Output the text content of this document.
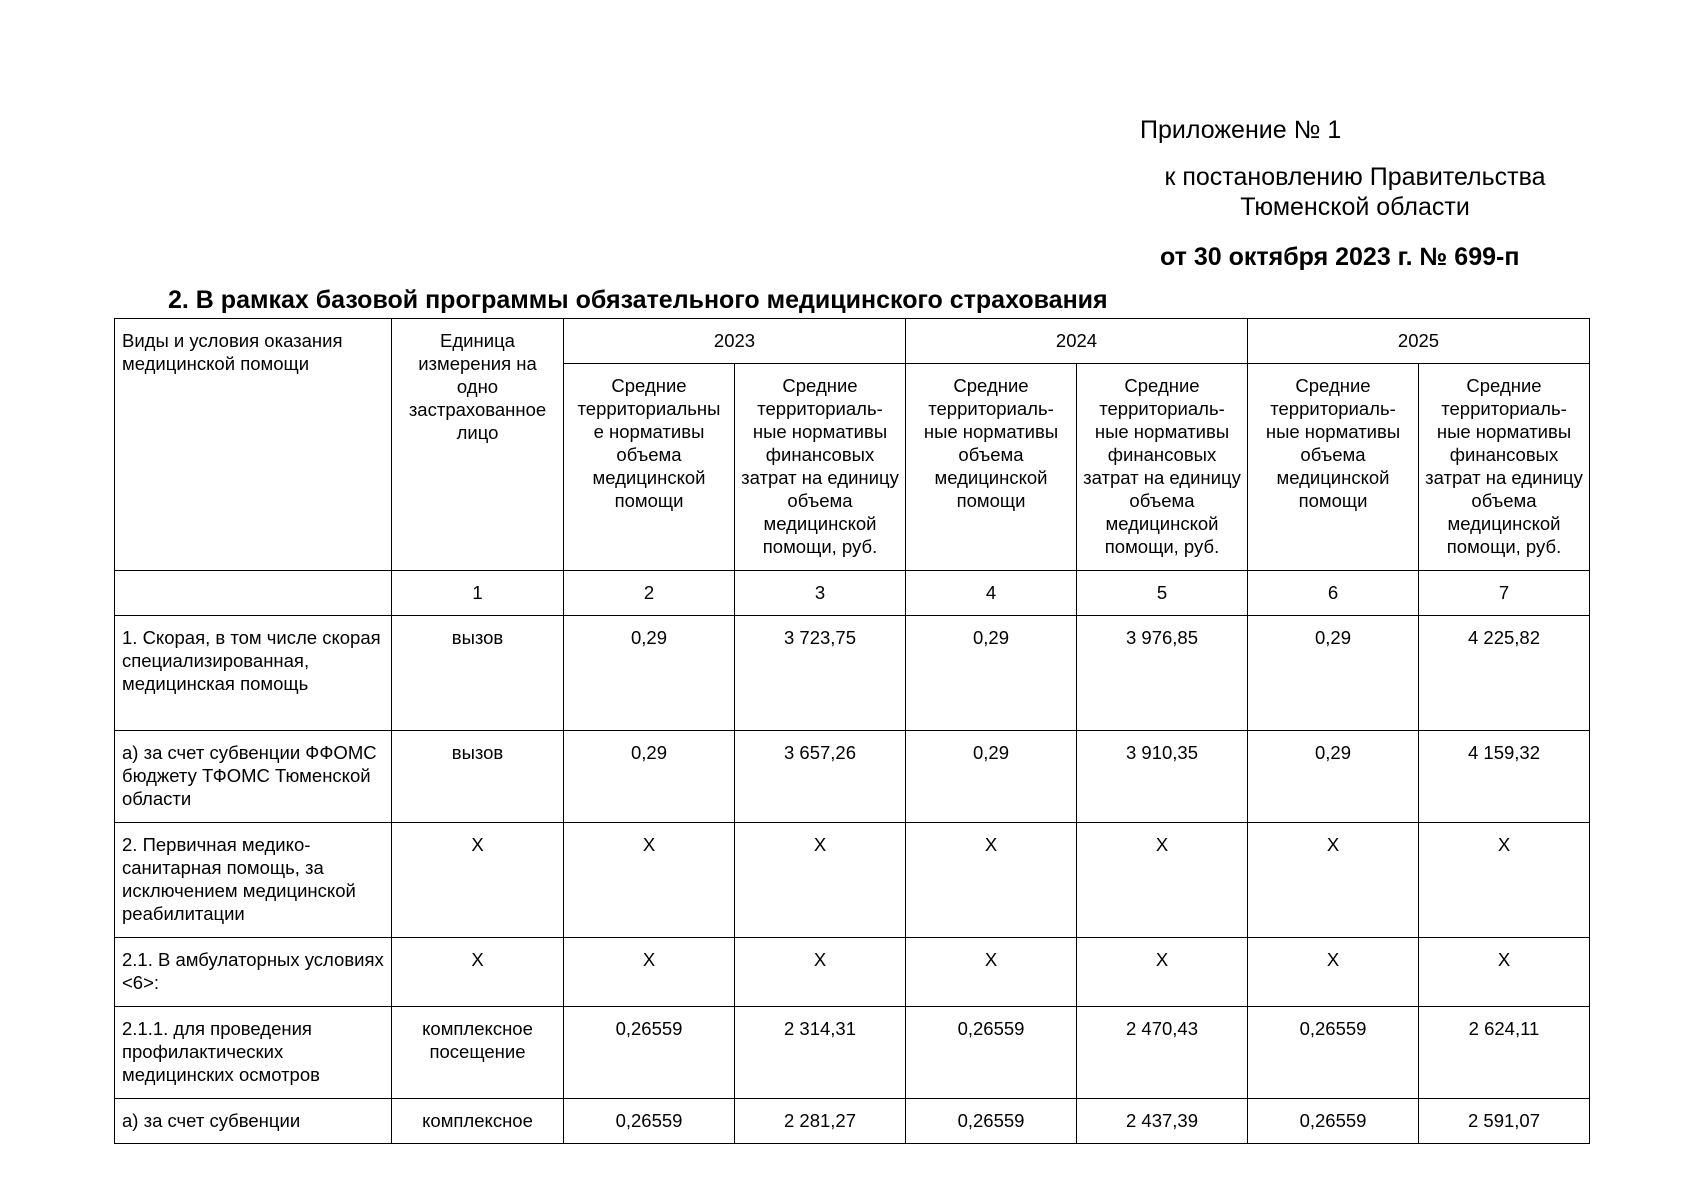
Приложение № 1
к постановлению Правительства
Тюменской области
от 30 октября 2023 г. № 699-п
2. В рамках базовой программы обязательного медицинского страхования
Виды и условия оказания медицинской помощи	Единица измерения на одно застрахованное лицо	2023		2024		2025	
		Средние территориальны е нормативы объема медицинской помощи	Средние территориаль-ные нормативы финансовых затрат на единицу объема медицинской помощи, руб.	Средние территориаль-ные нормативы объема медицинской помощи	Средние территориаль-ные нормативы финансовых затрат на единицу объема медицинской помощи, руб.	Средние территориаль-ные нормативы объема медицинской помощи	Средние территориаль-ные нормативы финансовых затрат на единицу объема медицинской помощи, руб.
	1	2	3	4	5	6	7
1. Скорая, в том числе скорая специализированная, медицинская помощь	вызов	0,29	3 723,75	0,29	3 976,85	0,29	4 225,82
а) за счет субвенции ФФОМС бюджету ТФОМС Тюменской области	вызов	0,29	3 657,26	0,29	3 910,35	0,29	4 159,32
2. Первичная медико-санитарная помощь, за исключением медицинской реабилитации	Х	Х	Х	Х	Х	Х	Х
2.1. В амбулаторных условиях <6>:	Х	Х	Х	Х	Х	Х	Х
2.1.1. для проведения профилактических медицинских осмотров	комплексное посещение	0,26559	2 314,31	0,26559	2 470,43	0,26559	2 624,11
а) за счет субвенции	комплексное	0,26559	2 281,27	0,26559	2 437,39	0,26559	2 591,07
